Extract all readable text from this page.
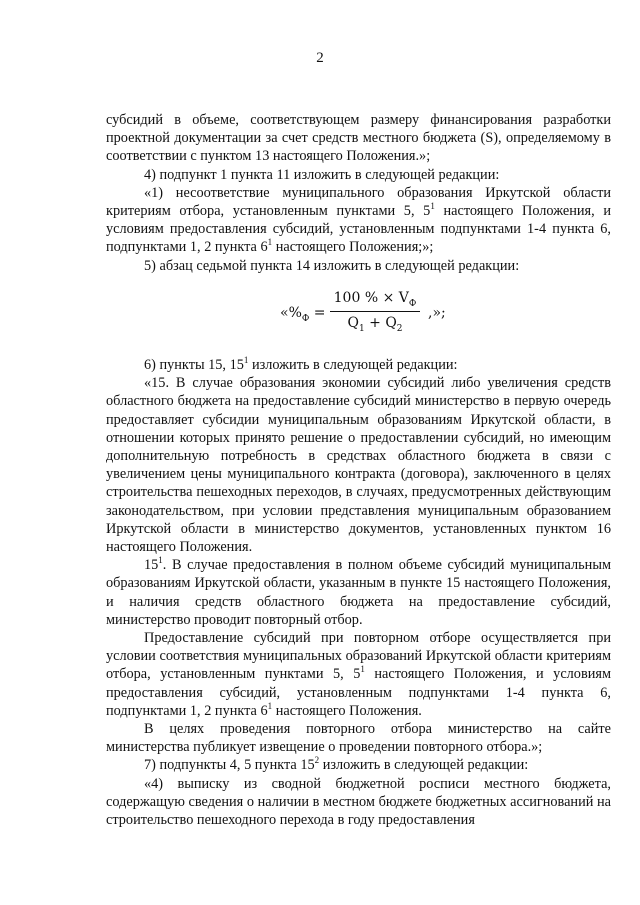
2

субсидий в объеме, соответствующем размеру финансирования разработки проектной документации за счет средств местного бюджета (S), определяемому в соответствии с пунктом 13 настоящего Положения.»;

4) подпункт 1 пункта 11 изложить в следующей редакции:

«1) несоответствие муниципального образования Иркутской области критериям отбора, установленным пунктами 5, $5^1$ настоящего Положения, и условиям предоставления субсидий, установленным подпунктами 1-4 пункта 6, подпунктами 1, 2 пункта $6^1$ настоящего Положения;»;

5) абзац седьмой пункта 14 изложить в следующей редакции:

«$\%_Ф$ =
100 % × $V_Ф$
$Q_1 + Q_2$
,»;

6) пункты 15, $15^1$ изложить в следующей редакции:

«15. В случае образования экономии субсидий либо увеличения средств областного бюджета на предоставление субсидий министерство в первую очередь предоставляет субсидии муниципальным образованиям Иркутской области, в отношении которых принято решение о предоставлении субсидий, но имеющим дополнительную потребность в средствах областного бюджета в связи с увеличением цены муниципального контракта (договора), заключенного в целях строительства пешеходных переходов, в случаях, предусмотренных действующим законодательством, при условии представления муниципальным образованием Иркутской области в министерство документов, установленных пунктом 16 настоящего Положения.

$15^1$. В случае предоставления в полном объеме субсидий муниципальным образованиям Иркутской области, указанным в пункте 15 настоящего Положения, и наличия средств областного бюджета на предоставление субсидий, министерство проводит повторный отбор.

Предоставление субсидий при повторном отборе осуществляется при условии соответствия муниципальных образований Иркутской области критериям отбора, установленным пунктами 5, $5^1$ настоящего Положения, и условиям предоставления субсидий, установленным подпунктами 1-4 пункта 6, подпунктами 1, 2 пункта $6^1$ настоящего Положения.

В целях проведения повторного отбора министерство на сайте министерства публикует извещение о проведении повторного отбора.»;

7) подпункты 4, 5 пункта $15^2$ изложить в следующей редакции:

«4) выписку из сводной бюджетной росписи местного бюджета, содержащую сведения о наличии в местном бюджете бюджетных ассигнований на строительство пешеходного перехода в году предоставления
